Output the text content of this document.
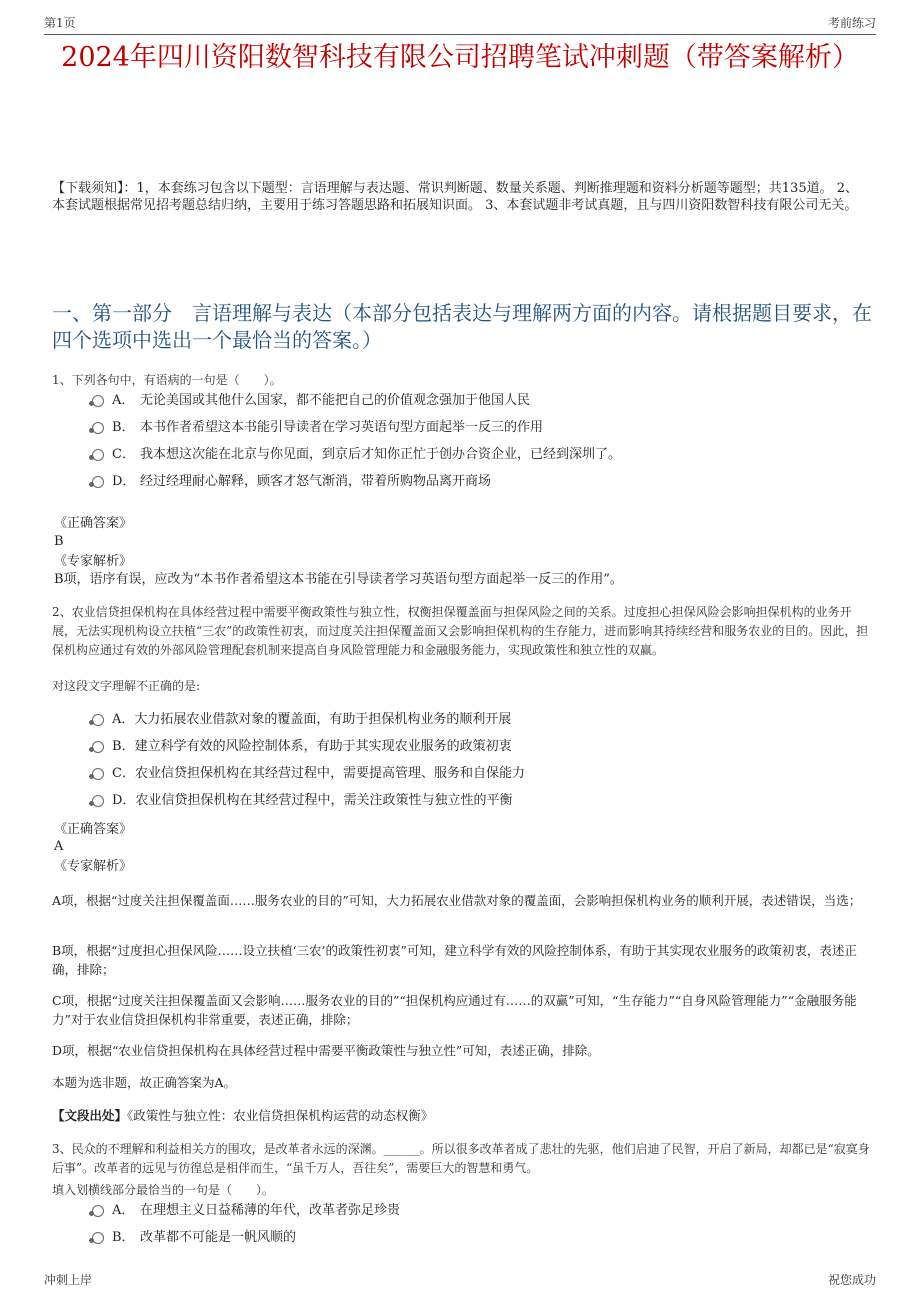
第1页	考前练习
2024年四川资阳数智科技有限公司招聘笔试冲刺题（带答案解析）
【下载须知】：1，本套练习包含以下题型：言语理解与表达题、常识判断题、数量关系题、判断推理题和资料分析题等题型；共135道。 2、本套试题根据常见招考题总结归纳，主要用于练习答题思路和拓展知识面。 3、本套试题非考试真题，且与四川资阳数智科技有限公司无关。
一、第一部分　言语理解与表达（本部分包括表达与理解两方面的内容。请根据题目要求，在四个选项中选出一个最恰当的答案。）
1、下列各句中，有语病的一句是（　　）。
A． 无论美国或其他什么国家，都不能把自己的价值观念强加于他国人民
B． 本书作者希望这本书能引导读者在学习英语句型方面起举一反三的作用
C． 我本想这次能在北京与你见面，到京后才知你正忙于创办合资企业，已经到深圳了。
D． 经过经理耐心解释，顾客才怒气渐消，带着所购物品离开商场
《正确答案》
B
《专家解析》
B项，语序有误，应改为“本书作者希望这本书能在引导读者学习英语句型方面起举一反三的作用”。
2、农业信贷担保机构在具体经营过程中需要平衡政策性与独立性，权衡担保覆盖面与担保风险之间的关系。过度担心担保风险会影响担保机构的业务开展，无法实现机构设立扶植“三农”的政策性初衷，而过度关注担保覆盖面又会影响担保机构的生存能力，进而影响其持续经营和服务农业的目的。因此，担保机构应通过有效的外部风险管理配套机制来提高自身风险管理能力和金融服务能力，实现政策性和独立性的双赢。
对这段文字理解不正确的是:
A．大力拓展农业借款对象的覆盖面，有助于担保机构业务的顺利开展
B．建立科学有效的风险控制体系，有助于其实现农业服务的政策初衷
C．农业信贷担保机构在其经营过程中，需要提高管理、服务和自保能力
D．农业信贷担保机构在其经营过程中，需关注政策性与独立性的平衡
《正确答案》
A
《专家解析》
A项，根据“过度关注担保覆盖面……服务农业的目的”可知，大力拓展农业借款对象的覆盖面，会影响担保机构业务的顺利开展，表述错误，当选；
B项，根据“过度担心担保风险……设立扶植‘三农’的政策性初衷”可知，建立科学有效的风险控制体系，有助于其实现农业服务的政策初衷，表述正确，排除；
C项，根据“过度关注担保覆盖面又会影响……服务农业的目的”“担保机构应通过有……的双赢”可知，“生存能力”“自身风险管理能力”“金融服务能力”对于农业信贷担保机构非常重要，表述正确，排除；
D项，根据“农业信贷担保机构在具体经营过程中需要平衡政策性与独立性”可知，表述正确，排除。
本题为选非题，故正确答案为A。
【文段出处】《政策性与独立性：农业信贷担保机构运营的动态权衡》
3、民众的不理解和利益相关方的围攻，是改革者永远的深渊。______。所以很多改革者成了悲壮的先驱，他们启迪了民智，开启了新局，却都已是“寂寞身后事”。改革者的远见与彷徨总是相伴而生，“虽千万人，吾往矣”，需要巨大的智慧和勇气。
填入划横线部分最恰当的一句是（　　）。
A． 在理想主义日益稀薄的年代，改革者弥足珍贵
B． 改革都不可能是一帆风顺的
冲刺上岸	祝您成功
